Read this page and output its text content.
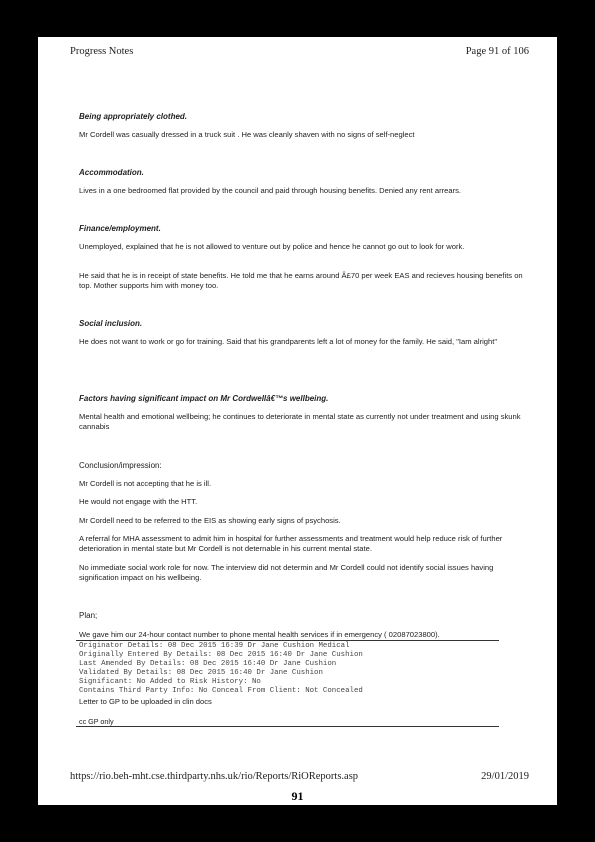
Progress Notes	Page 91 of 106
Being appropriately clothed.
Mr Cordell was casually dressed in a truck suit . He was cleanly shaven with no signs of self-neglect
Accommodation.
Lives in a one bedroomed flat provided by the council and paid through housing benefits. Denied any rent arrears.
Finance/employment.
Unemployed, explained that he is not allowed to venture out by police and hence he cannot go out to look for work.
He said that he is in receipt of state benefits. He told me that he earns around Â£70 per week EAS and recieves housing benefits on top. Mother supports him with money too.
Social inclusion.
He does not want to work or go for training. Said that his grandparents left a lot of money for the family. He said, "Iam alright"
Factors having significant impact on Mr Cordwellâ€™s wellbeing.
Mental health and emotional wellbeing; he continues to deteriorate in mental state as currently not under treatment and using skunk cannabis
Conclusion/impression:
Mr Cordell is not accepting that he is ill.
He would not engage with the HTT.
Mr Cordell need to be referred to the EIS as showing early signs of psychosis.
A referral for MHA assessment to admit him in hospital for further assessments and treatment would help reduce risk of further deterioration in mental state but Mr Cordell is not deternable in his current mental state.
No immediate social work role for now. The interview did not determin and Mr Cordell could not identify social issues having signification impact on his wellbeing.
Plan;
We gave him our 24-hour contact number to phone mental health services if in emergency ( 02087023800).
Originator Details: 08 Dec 2015 16:39 Dr Jane Cushion Medical
Originally Entered By Details: 08 Dec 2015 16:40 Dr Jane Cushion
Last Amended By Details: 08 Dec 2015 16:40 Dr Jane Cushion
Validated By Details: 08 Dec 2015 16:40 Dr Jane Cushion
Significant: No Added to Risk History: No
Contains Third Party Info: No Conceal From Client: Not Concealed
Letter to GP to be uploaded in clin docs
cc GP only
https://rio.beh-mht.cse.thirdparty.nhs.uk/rio/Reports/RiOReports.asp	29/01/2019
91
